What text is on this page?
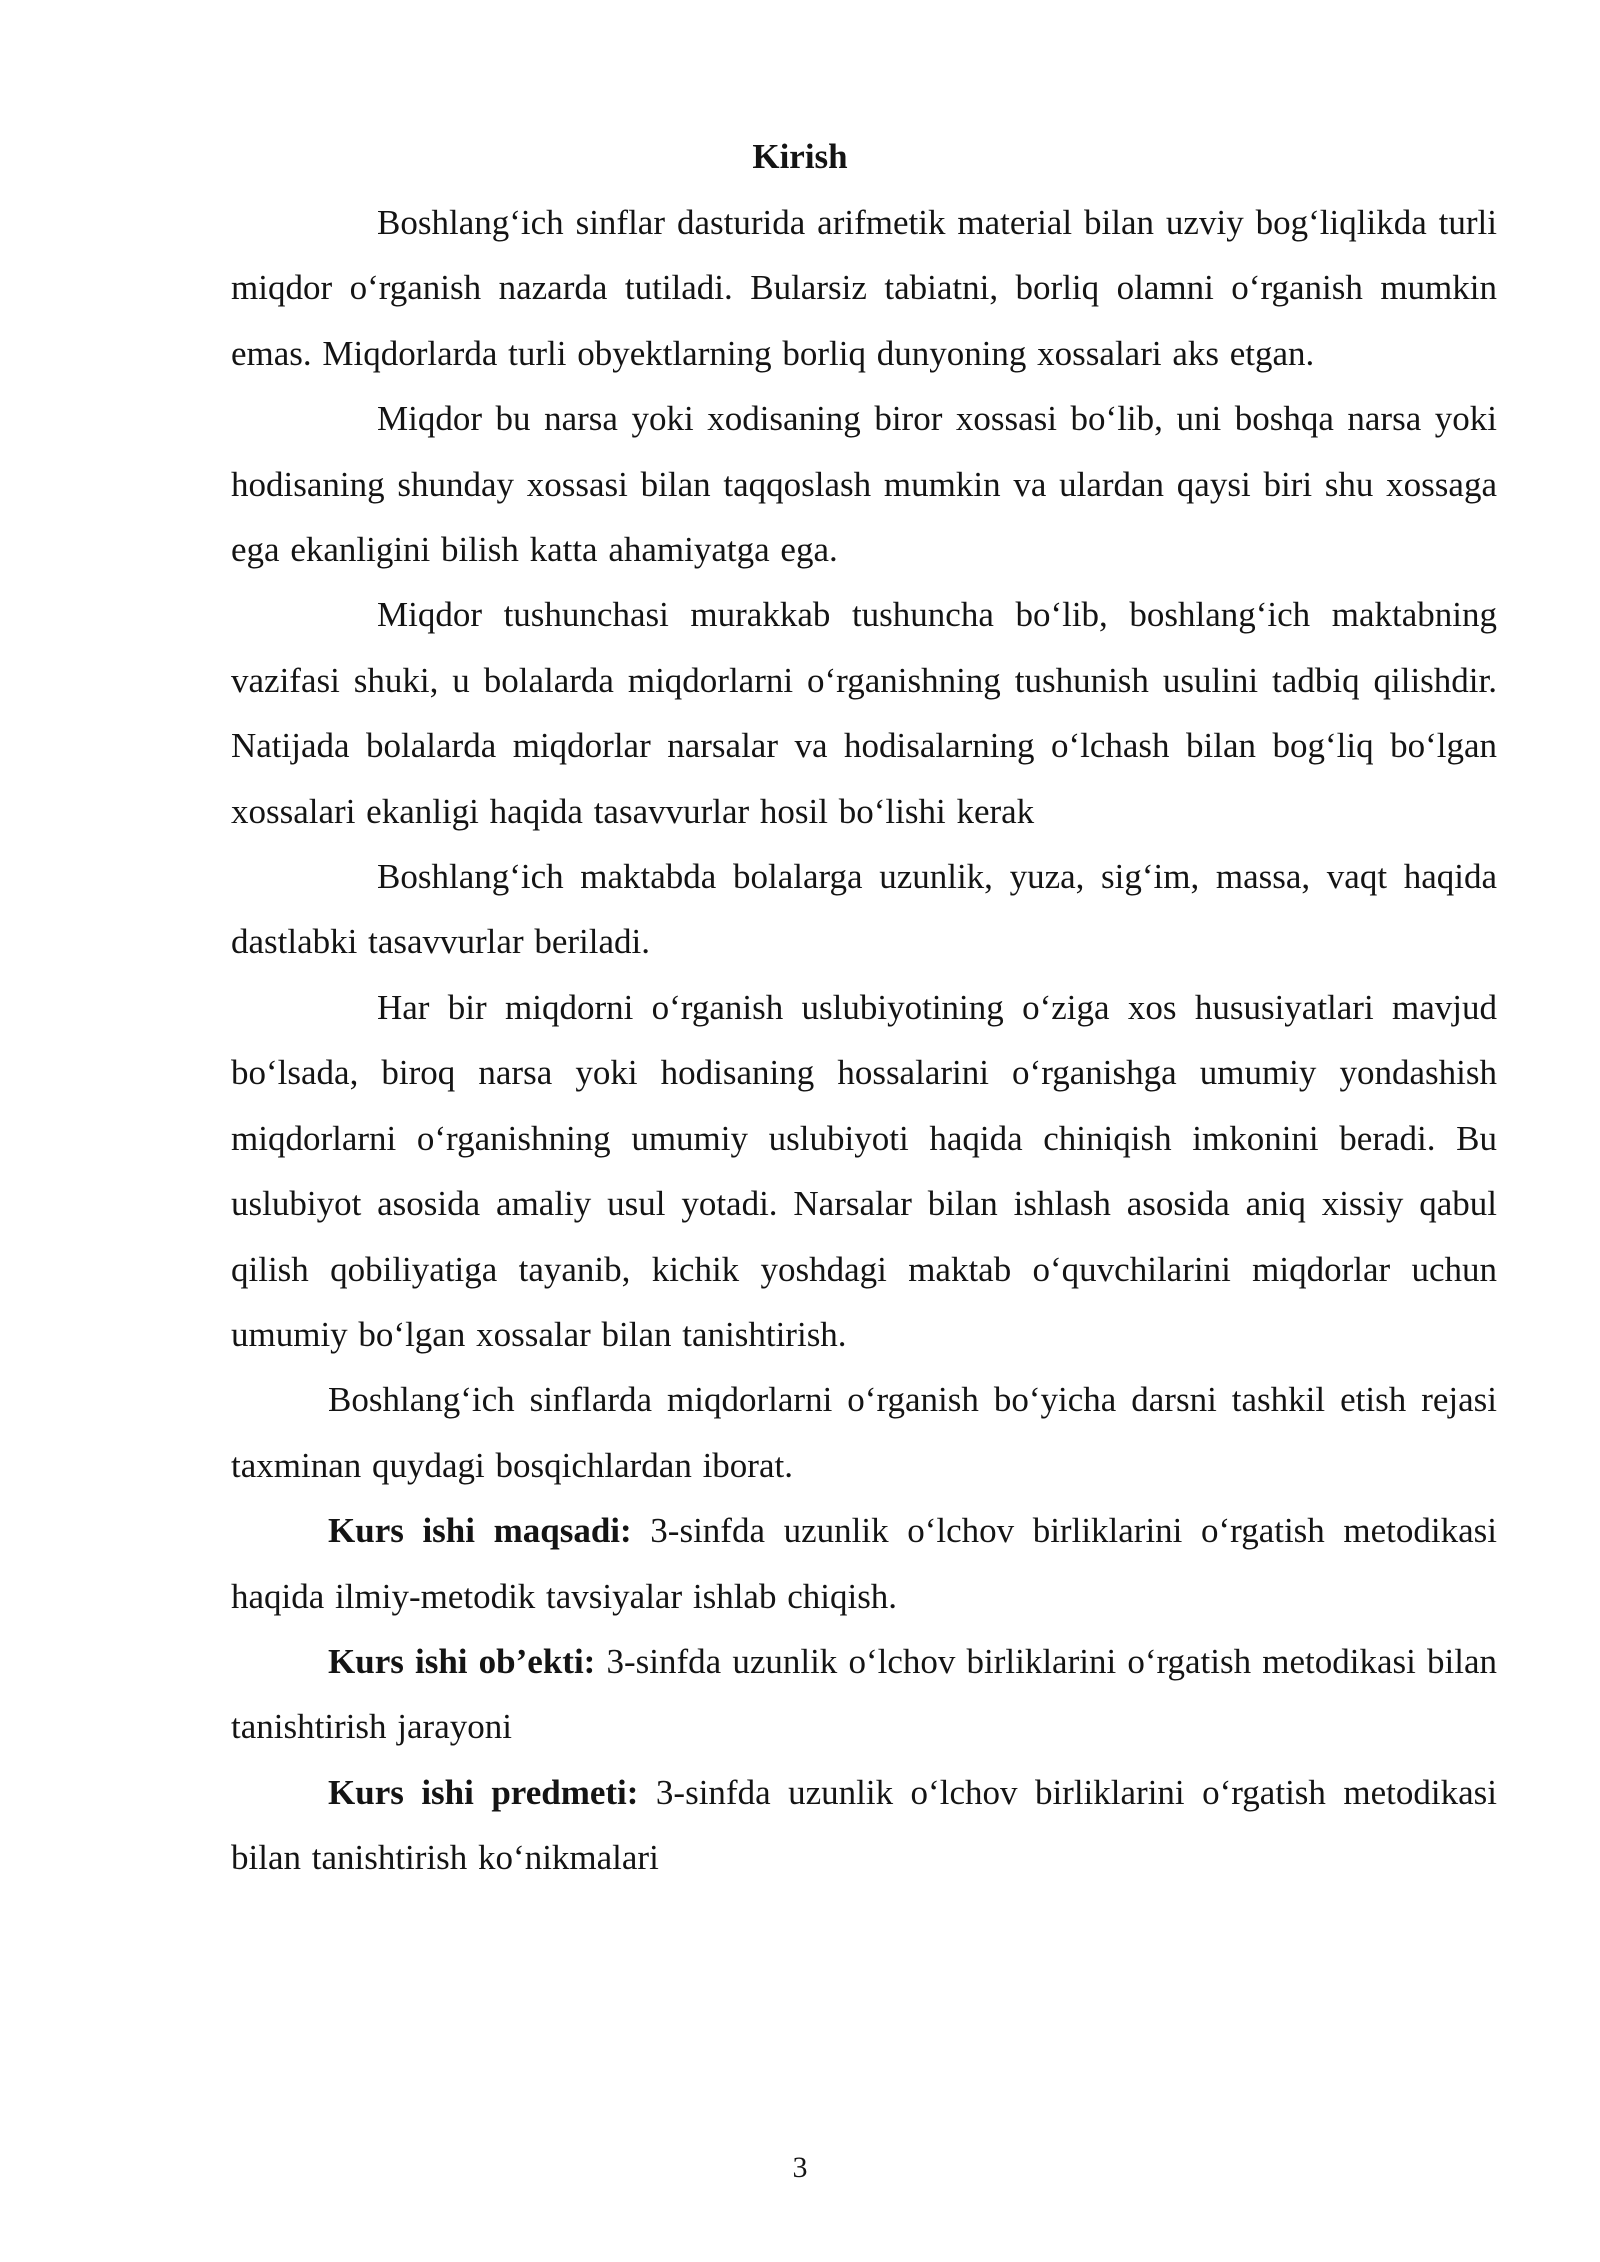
Kirish

Boshlang‘ich sinflar dasturida arifmetik material bilan uzviy bog‘liqlikda turli miqdor o‘rganish nazarda tutiladi. Bularsiz tabiatni, borliq olamni o‘rganish mumkin emas. Miqdorlarda turli obyektlarning borliq dunyoning xossalari aks etgan.

Miqdor bu narsa yoki xodisaning biror xossasi bo‘lib, uni boshqa narsa yoki hodisaning shunday xossasi bilan taqqoslash mumkin va ulardan qaysi biri shu xossaga ega ekanligini bilish katta ahamiyatga ega.

Miqdor tushunchasi murakkab tushuncha bo‘lib, boshlang‘ich maktabning vazifasi shuki, u bolalarda miqdorlarni o‘rganishning tushunish usulini tadbiq qilishdir. Natijada bolalarda miqdorlar narsalar va hodisalarning o‘lchash bilan bog‘liq bo‘lgan xossalari ekanligi haqida tasavvurlar hosil bo‘lishi kerak

Boshlang‘ich maktabda bolalarga uzunlik, yuza, sig‘im, massa, vaqt haqida dastlabki tasavvurlar beriladi.

Har bir miqdorni o‘rganish uslubiyotining o‘ziga xos hususiyatlari mavjud bo‘lsada, biroq narsa yoki hodisaning hossalarini o‘rganishga umumiy yondashish miqdorlarni o‘rganishning umumiy uslubiyoti haqida chiniqish imkonini beradi. Bu uslubiyot asosida amaliy usul yotadi. Narsalar bilan ishlash asosida aniq xissiy qabul qilish qobiliyatiga tayanib, kichik yoshdagi maktab o‘quvchilarini miqdorlar uchun umumiy bo‘lgan xossalar bilan tanishtirish.

Boshlang‘ich sinflarda miqdorlarni o‘rganish bo‘yicha darsni tashkil etish rejasi taxminan quydagi bosqichlardan iborat.

Kurs ishi maqsadi: 3-sinfda uzunlik o‘lchov birliklarini o‘rgatish metodikasi haqida ilmiy-metodik tavsiyalar ishlab chiqish.

Kurs ishi ob’ekti: 3-sinfda uzunlik o‘lchov birliklarini o‘rgatish metodikasi bilan tanishtirish jarayoni

Kurs ishi predmeti: 3-sinfda uzunlik o‘lchov birliklarini o‘rgatish metodikasi bilan tanishtirish ko‘nikmalari

3
